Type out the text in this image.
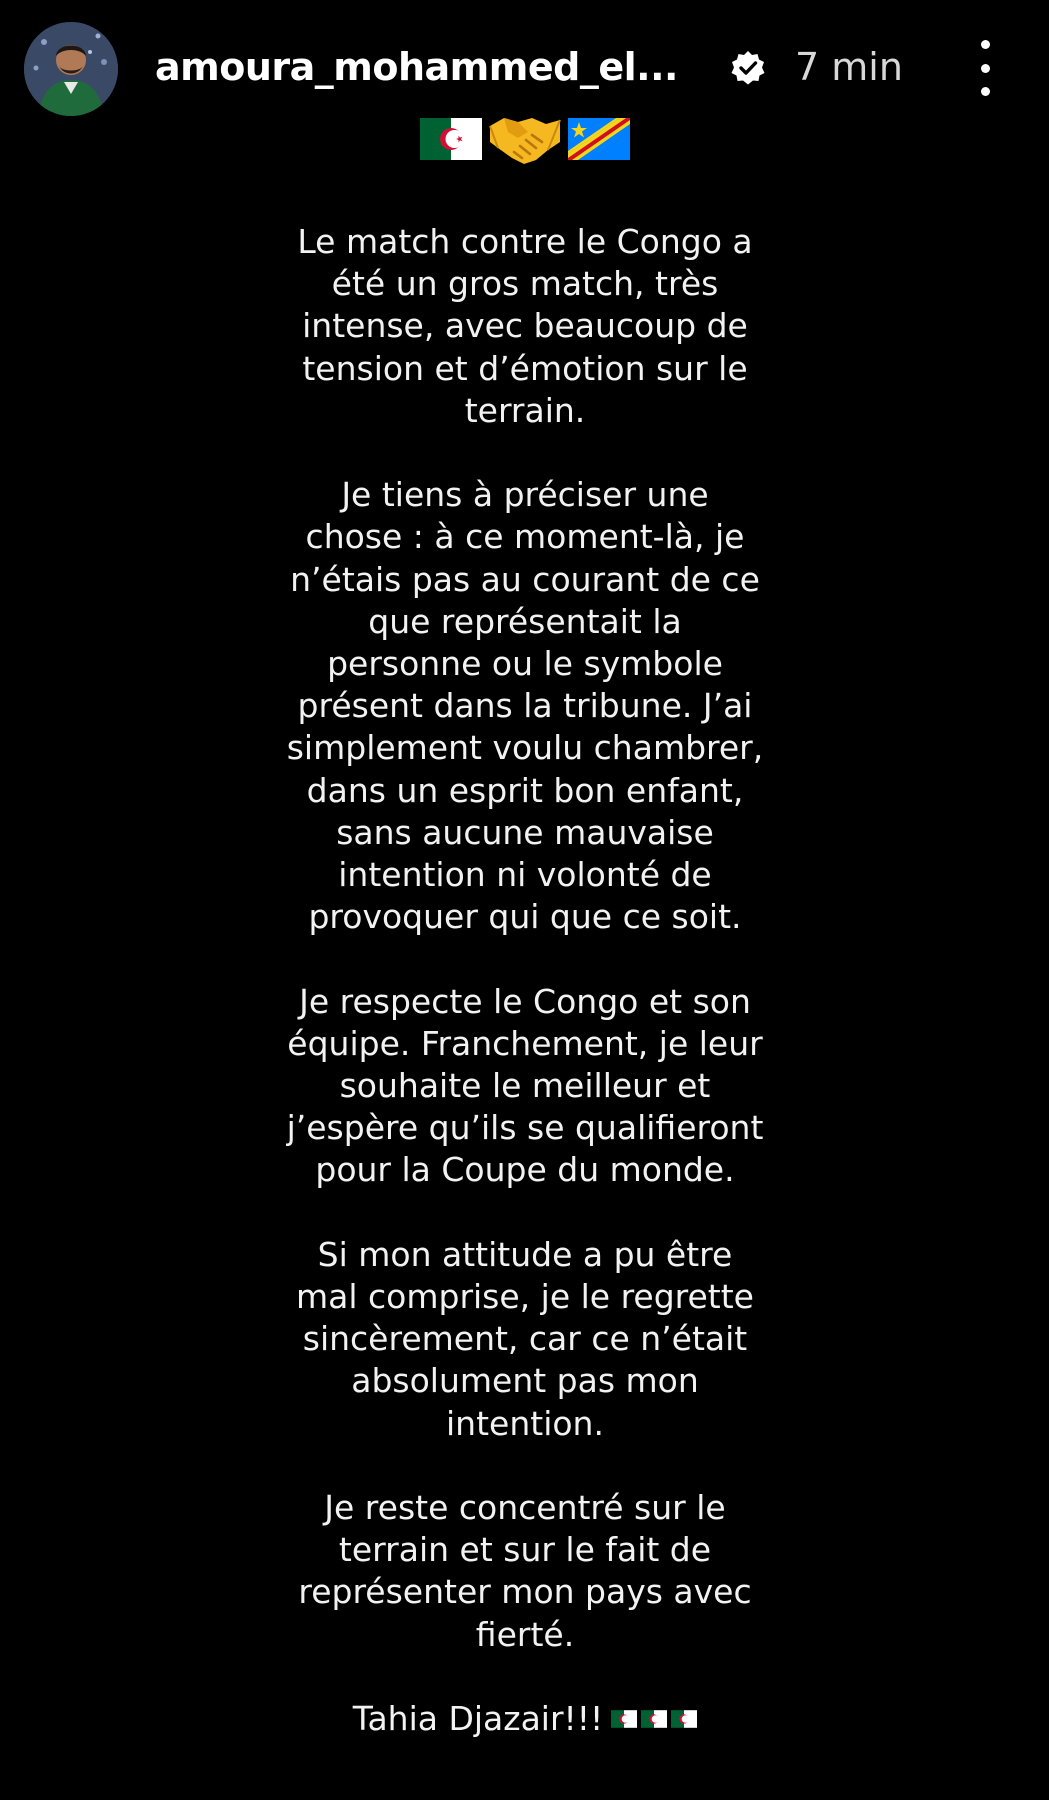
amoura_mohammed_el...	7 min
Le match contre le Congo a
été un gros match, très
intense, avec beaucoup de
tension et d’émotion sur le
terrain.
Je tiens à préciser une
chose : à ce moment-là, je
n’étais pas au courant de ce
que représentait la
personne ou le symbole
présent dans la tribune. J’ai
simplement voulu chambrer,
dans un esprit bon enfant,
sans aucune mauvaise
intention ni volonté de
provoquer qui que ce soit.
Je respecte le Congo et son
équipe. Franchement, je leur
souhaite le meilleur et
j’espère qu’ils se qualifieront
pour la Coupe du monde.
Si mon attitude a pu être
mal comprise, je le regrette
sincèrement, car ce n’était
absolument pas mon
intention.
Je reste concentré sur le
terrain et sur le fait de
représenter mon pays avec
fierté.
Tahia Djazair!!!
